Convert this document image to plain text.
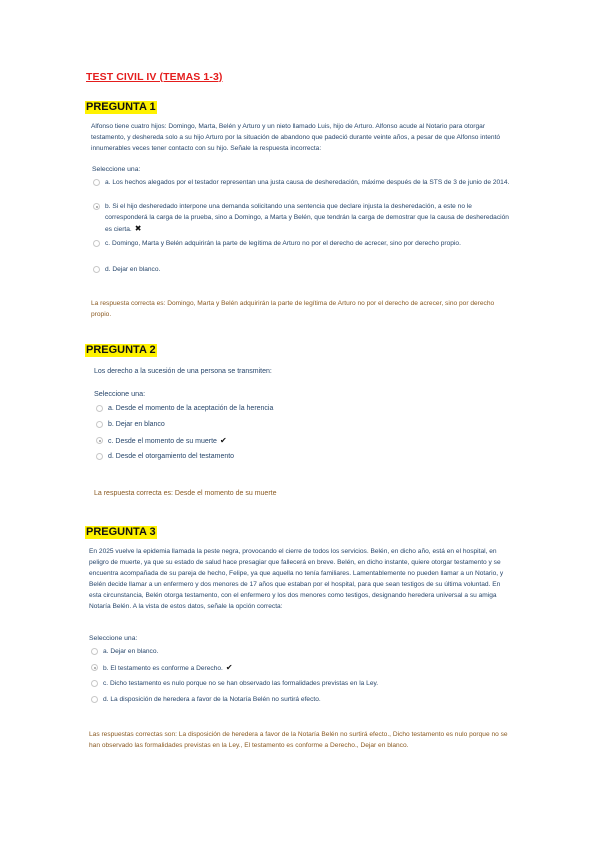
TEST CIVIL IV (TEMAS 1-3)
PREGUNTA 1
Alfonso tiene cuatro hijos: Domingo, Marta, Belén y Arturo y un nieto llamado Luis, hijo de Arturo. Alfonso acude al Notario para otorgar testamento, y deshereda solo a su hijo Arturo por la situación de abandono que padeció durante veinte años, a pesar de que Alfonso intentó innumerables veces tener contacto con su hijo. Señale la respuesta incorrecta:
Seleccione una:
a. Los hechos alegados por el testador representan una justa causa de desheredación, máxime después de la STS de 3 de junio de 2014.
b. Si el hijo desheredado interpone una demanda solicitando una sentencia que declare injusta la desheredación, a este no le corresponderá la carga de la prueba, sino a Domingo, a Marta y Belén, que tendrán la carga de demostrar que la causa de desheredación es cierta. ✖
c. Domingo, Marta y Belén adquirirán la parte de legítima de Arturo no por el derecho de acrecer, sino por derecho propio.
d. Dejar en blanco.
La respuesta correcta es: Domingo, Marta y Belén adquirirán la parte de legítima de Arturo no por el derecho de acrecer, sino por derecho propio.
PREGUNTA 2
Los derecho a la sucesión de una persona se transmiten:
Seleccione una:
a. Desde el momento de la aceptación de la herencia
b. Dejar en blanco
c. Desde el momento de su muerte ✔
d. Desde el otorgamiento del testamento
La respuesta correcta es: Desde el momento de su muerte
PREGUNTA 3
En 2025 vuelve la epidemia llamada la peste negra, provocando el cierre de todos los servicios. Belén, en dicho año, está en el hospital, en peligro de muerte, ya que su estado de salud hace presagiar que fallecerá en breve. Belén, en dicho instante, quiere otorgar testamento y se encuentra acompañada de su pareja de hecho, Felipe, ya que aquella no tenía familiares. Lamentablemente no pueden llamar a un Notario, y Belén decide llamar a un enfermero y dos menores de 17 años que estaban por el hospital, para que sean testigos de su última voluntad. En esta circunstancia, Belén otorga testamento, con el enfermero y los dos menores como testigos, designando heredera universal a su amiga Notaría Belén. A la vista de estos datos, señale la opción correcta:
Seleccione una:
a. Dejar en blanco.
b. El testamento es conforme a Derecho. ✔
c. Dicho testamento es nulo porque no se han observado las formalidades previstas en la Ley.
d. La disposición de heredera a favor de la Notaría Belén no surtirá efecto.
Las respuestas correctas son: La disposición de heredera a favor de la Notaría Belén no surtirá efecto., Dicho testamento es nulo porque no se han observado las formalidades previstas en la Ley., El testamento es conforme a Derecho., Dejar en blanco.
